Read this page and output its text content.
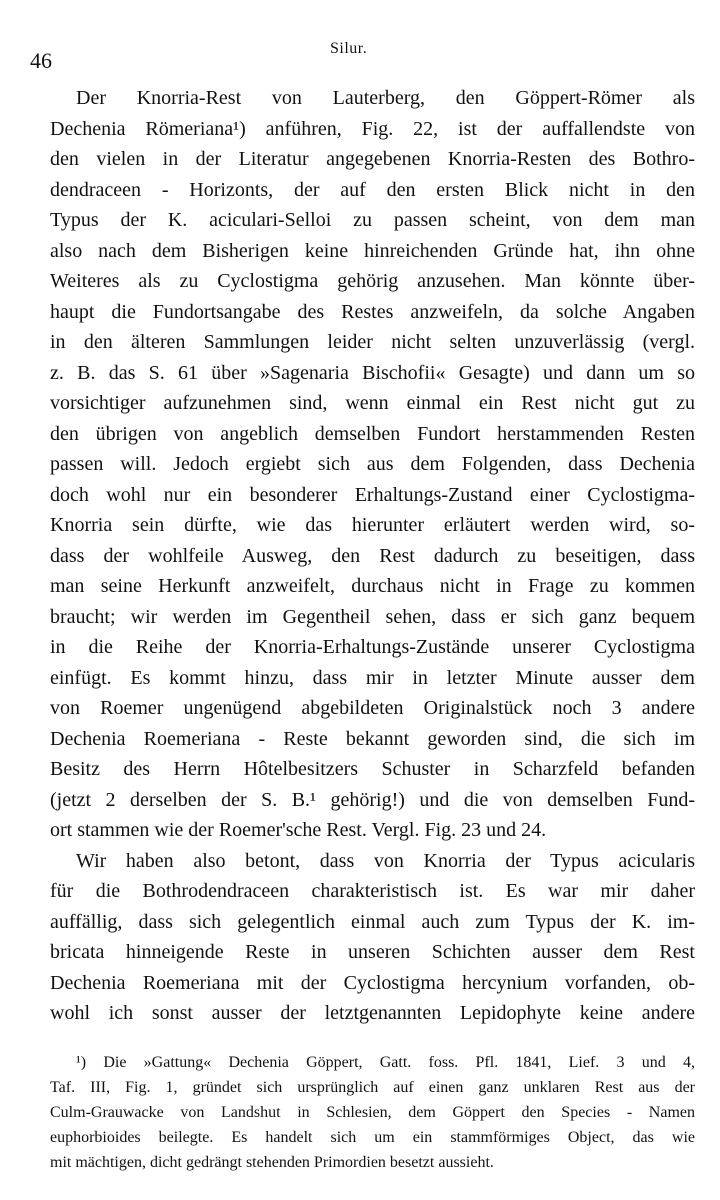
46	Silur.
Der Knorria-Rest von Lauterberg, den Göppert-Römer als
Dechenia Römeriana¹) anführen, Fig. 22, ist der auffallendste von
den vielen in der Literatur angegebenen Knorria-Resten des Bothro-
dendraceen - Horizonts, der auf den ersten Blick nicht in den
Typus der K. aciculari-Selloi zu passen scheint, von dem man
also nach dem Bisherigen keine hinreichenden Gründe hat, ihn ohne
Weiteres als zu Cyclostigma gehörig anzusehen. Man könnte über-
haupt die Fundortsangabe des Restes anzweifeln, da solche Angaben
in den älteren Sammlungen leider nicht selten unzuverlässig (vergl.
z. B. das S. 61 über »Sagenaria Bischofii« Gesagte) und dann um so
vorsichtiger aufzunehmen sind, wenn einmal ein Rest nicht gut zu
den übrigen von angeblich demselben Fundort herstammenden Resten
passen will. Jedoch ergiebt sich aus dem Folgenden, dass Dechenia
doch wohl nur ein besonderer Erhaltungs-Zustand einer Cyclostigma-
Knorria sein dürfte, wie das hierunter erläutert werden wird, so-
dass der wohlfeile Ausweg, den Rest dadurch zu beseitigen, dass
man seine Herkunft anzweifelt, durchaus nicht in Frage zu kommen
braucht; wir werden im Gegentheil sehen, dass er sich ganz bequem
in die Reihe der Knorria-Erhaltungs-Zustände unserer Cyclostigma
einfügt. Es kommt hinzu, dass mir in letzter Minute ausser dem
von Roemer ungenügend abgebildeten Originalstück noch 3 andere
Dechenia Roemeriana - Reste bekannt geworden sind, die sich im
Besitz des Herrn Hôtelbesitzers Schuster in Scharzfeld befanden
(jetzt 2 derselben der S. B.¹ gehörig!) und die von demselben Fund-
ort stammen wie der Roemer'sche Rest. Vergl. Fig. 23 und 24.
Wir haben also betont, dass von Knorria der Typus acicularis
für die Bothrodendraceen charakteristisch ist. Es war mir daher
auffällig, dass sich gelegentlich einmal auch zum Typus der K. im-
bricata hinneigende Reste in unseren Schichten ausser dem Rest
Dechenia Roemeriana mit der Cyclostigma hercynium vorfanden, ob-
wohl ich sonst ausser der letztgenannten Lepidophyte keine andere
¹) Die »Gattung« Dechenia Göppert, Gatt. foss. Pfl. 1841, Lief. 3 und 4,
Taf. III, Fig. 1, gründet sich ursprünglich auf einen ganz unklaren Rest aus der
Culm-Grauwacke von Landshut in Schlesien, dem Göppert den Species - Namen
euphorbioides beilegte. Es handelt sich um ein stammförmiges Object, das wie
mit mächtigen, dicht gedrängt stehenden Primordien besetzt aussieht.
